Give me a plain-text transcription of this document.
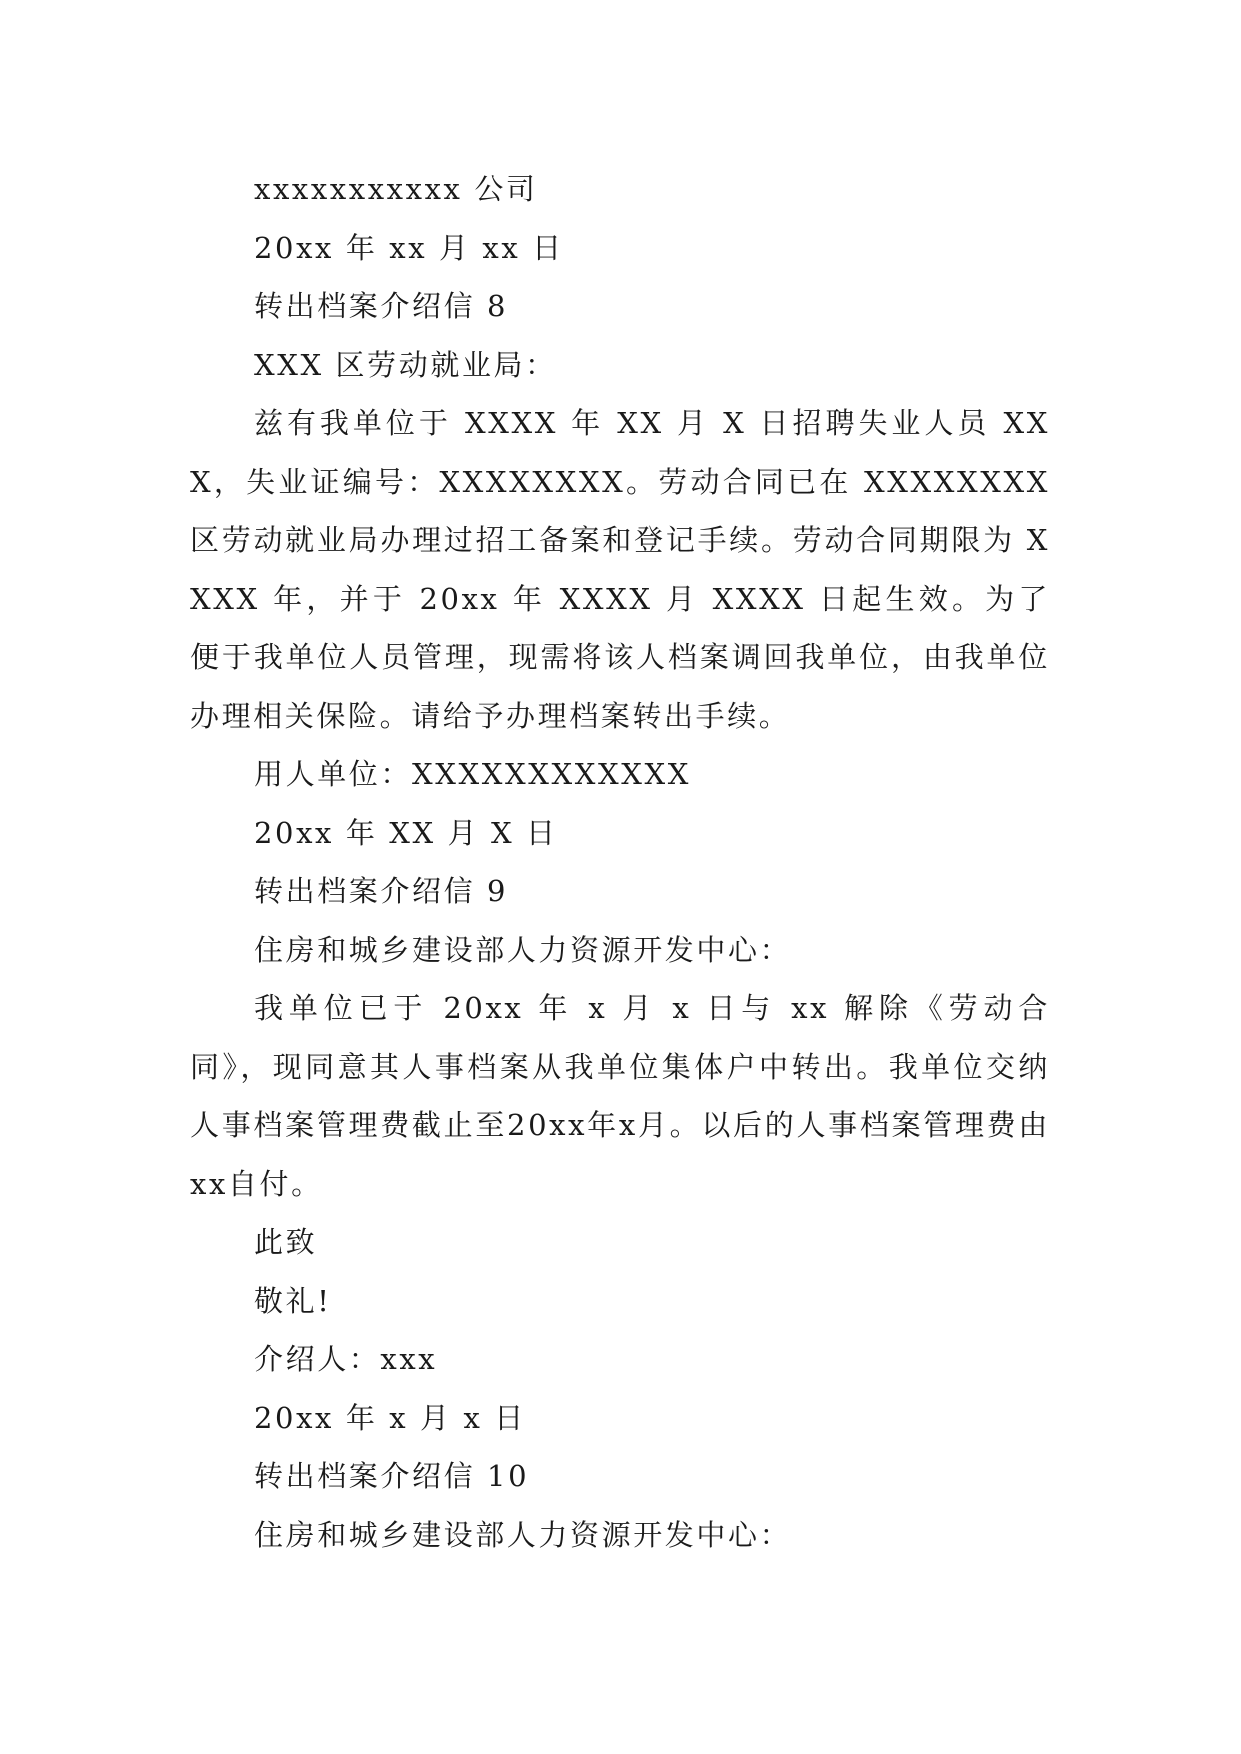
xxxxxxxxxxx 公司

20xx 年 xx 月 xx 日

转出档案介绍信 8

XXX 区劳动就业局：

兹有我单位于 XXXX 年 XX 月 X 日招聘失业人员 XXX，失业证编号：XXXXXXXX。劳动合同已在 XXXXXXXX 区劳动就业局办理过招工备案和登记手续。劳动合同期限为 XXXX 年，并于 20xx 年 XXXX 月 XXXX 日起生效。为了便于我单位人员管理，现需将该人档案调回我单位，由我单位办理相关保险。请给予办理档案转出手续。

用人单位：XXXXXXXXXXXX

20xx 年 XX 月 X 日

转出档案介绍信 9

住房和城乡建设部人力资源开发中心：

我单位已于 20xx 年 x 月 x 日与 xx 解除《劳动合同》，现同意其人事档案从我单位集体户中转出。我单位交纳人事档案管理费截止至20xx年x月。以后的人事档案管理费由xx自付。

此致

敬礼!

介绍人：xxx

20xx 年 x 月 x 日

转出档案介绍信 10

住房和城乡建设部人力资源开发中心：
